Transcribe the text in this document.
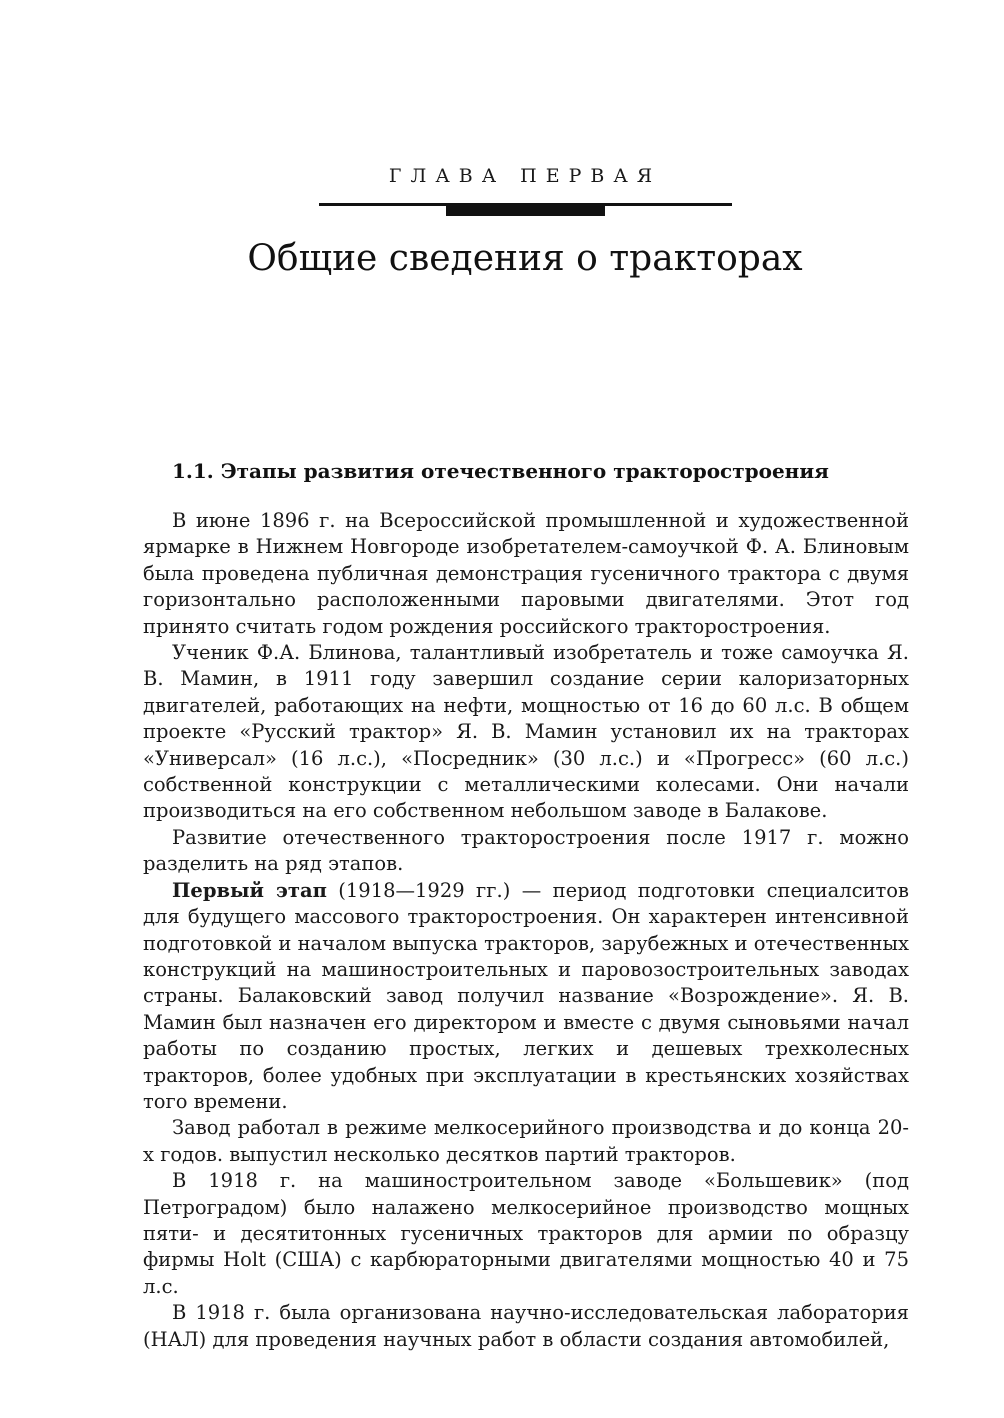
ГЛАВА ПЕРВАЯ
Общие сведения о тракторах
1.1. Этапы развития отечественного тракторостроения

В июне 1896 г. на Всероссийской промышленной и художественной ярмарке в Нижнем Новгороде изобретателем-самоучкой Ф. А. Блиновым была проведена публичная демонстрация гусеничного трактора с двумя горизонтально расположенными паровыми двигателями. Этот год принято считать годом рождения российского тракторостроения.

Ученик Ф.А. Блинова, талантливый изобретатель и тоже самоучка Я. В. Мамин, в 1911 году завершил создание серии калоризаторных двигателей, работающих на нефти, мощностью от 16 до 60 л.с. В общем проекте «Русский трактор» Я. В. Мамин установил их на тракторах «Универсал» (16 л.с.), «Посредник» (30 л.с.) и «Прогресс» (60 л.с.) собственной конструкции с металлическими колесами. Они начали производиться на его собственном небольшом заводе в Балакове.

Развитие отечественного тракторостроения после 1917 г. можно разделить на ряд этапов.

Первый этап (1918—1929 гг.) — период подготовки специалситов для будущего массового тракторостроения. Он характерен интенсивной подготовкой и началом выпуска тракторов, зарубежных и отечественных конструкций на машиностроительных и паровозостроительных заводах страны. Балаковский завод получил название «Возрождение». Я. В. Мамин был назначен его директором и вместе с двумя сыновьями начал работы по созданию простых, легких и дешевых трехколесных тракторов, более удобных при эксплуатации в крестьянских хозяйствах того времени.

Завод работал в режиме мелкосерийного производства и до конца 20-х годов. выпустил несколько десятков партий тракторов.

В 1918 г. на машиностроительном заводе «Большевик» (под Петроградом) было налажено мелкосерийное производство мощных пяти- и десятитонных гусеничных тракторов для армии по образцу фирмы Holt (США) с карбюраторными двигателями мощностью 40 и 75 л.с.

В 1918 г. была организована научно-исследовательская лаборатория (НАЛ) для проведения научных работ в области создания автомобилей,
